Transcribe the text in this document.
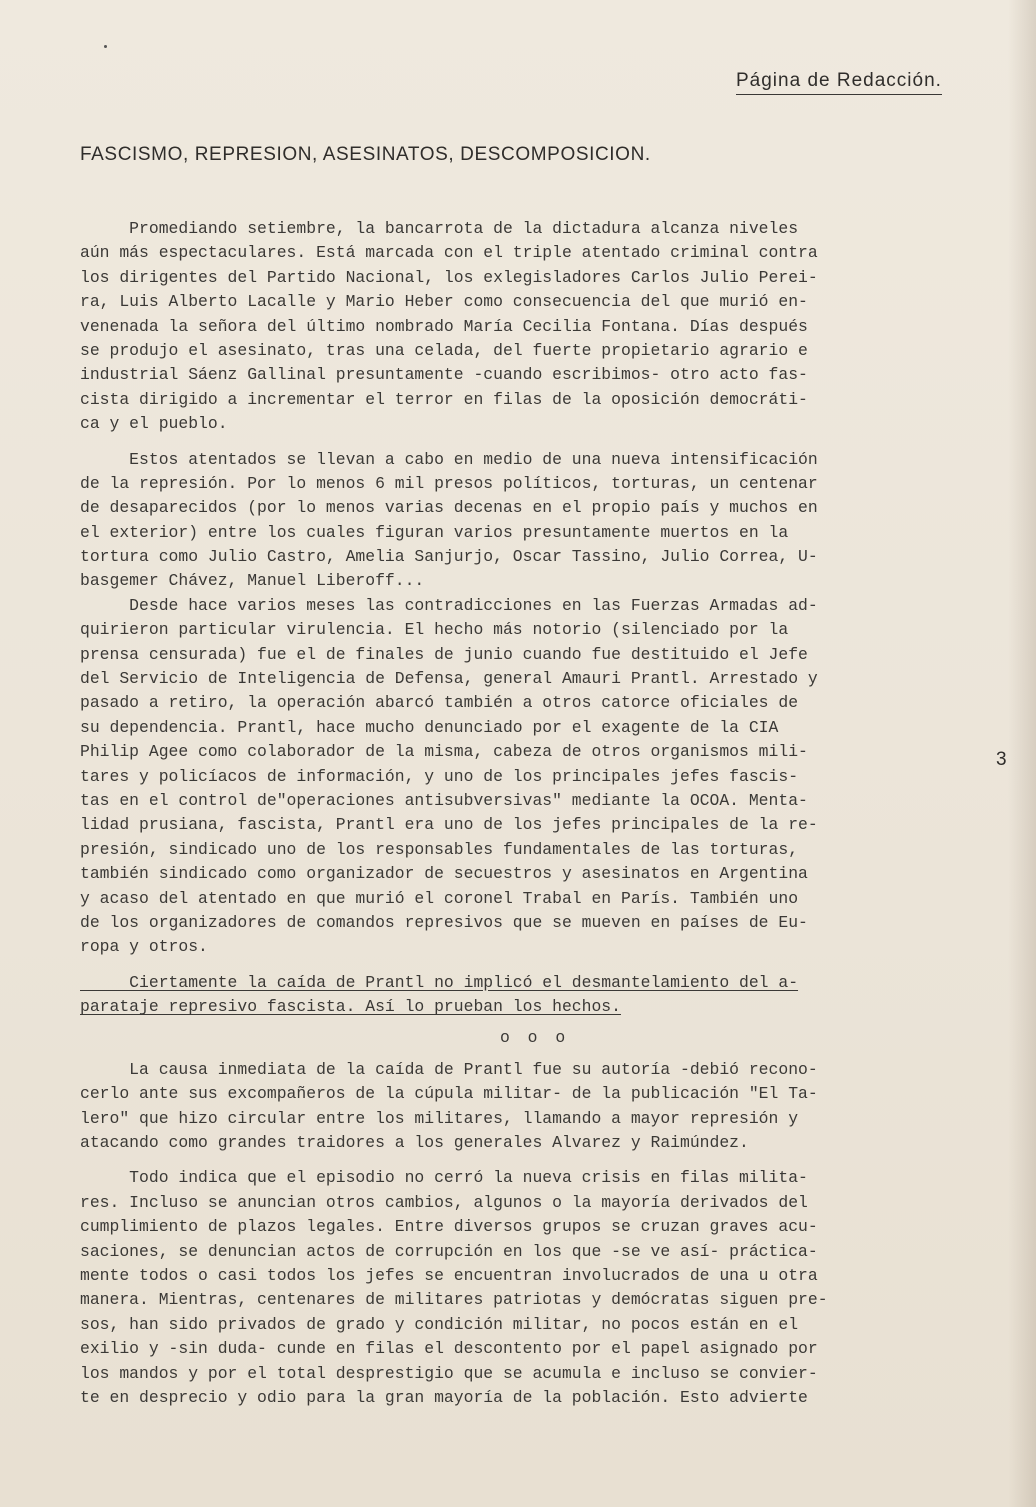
Página de Redacción.
FASCISMO, REPRESION, ASESINATOS, DESCOMPOSICION.
Promediando setiembre, la bancarrota de la dictadura alcanza niveles
aún más espectaculares. Está marcada con el triple atentado criminal contra
los dirigentes del Partido Nacional, los exlegisladores Carlos Julio Perei-
ra, Luis Alberto Lacalle y Mario Heber como consecuencia del que murió en-
venenada la señora del último nombrado María Cecilia Fontana. Días después
se produjo el asesinato, tras una celada, del fuerte propietario agrario e
industrial Sáenz Gallinal presuntamente -cuando escribimos- otro acto fas-
cista dirigido a incrementar el terror en filas de la oposición democráti-
ca y el pueblo.
Estos atentados se llevan a cabo en medio de una nueva intensificación
de la represión. Por lo menos 6 mil presos políticos, torturas, un centenar
de desaparecidos (por lo menos varias decenas en el propio país y muchos en
el exterior) entre los cuales figuran varios presuntamente muertos en la
tortura como Julio Castro, Amelia Sanjurjo, Oscar Tassino, Julio Correa, U-
basgemer Chávez, Manuel Liberoff...
Desde hace varios meses las contradicciones en las Fuerzas Armadas ad-
quirieron particular virulencia. El hecho más notorio (silenciado por la
prensa censurada) fue el de finales de junio cuando fue destituido el Jefe
del Servicio de Inteligencia de Defensa, general Amauri Prantl. Arrestado y
pasado a retiro, la operación abarcó también a otros catorce oficiales de
su dependencia. Prantl, hace mucho denunciado por el exagente de la CIA
Philip Agee como colaborador de la misma, cabeza de otros organismos mili-
tares y policíacos de información, y uno de los principales jefes fascis-
tas en el control de"operaciones antisubversivas" mediante la OCOA. Menta-
lidad prusiana, fascista, Prantl era uno de los jefes principales de la re-
presión, sindicado uno de los responsables fundamentales de las torturas,
también sindicado como organizador de secuestros y asesinatos en Argentina
y acaso del atentado en que murió el coronel Trabal en París. También uno
de los organizadores de comandos represivos que se mueven en países de Eu-
ropa y otros.
Ciertamente la caída de Prantl no implicó el desmantelamiento del a-
parataje represivo fascista. Así lo prueban los hechos.
o o o
La causa inmediata de la caída de Prantl fue su autoría -debió recono-
cerlo ante sus excompañeros de la cúpula militar- de la publicación "El Ta-
lero" que hizo circular entre los militares, llamando a mayor represión y
atacando como grandes traidores a los generales Alvarez y Raimúndez.
Todo indica que el episodio no cerró la nueva crisis en filas milita-
res. Incluso se anuncian otros cambios, algunos o la mayoría derivados del
cumplimiento de plazos legales. Entre diversos grupos se cruzan graves acu-
saciones, se denuncian actos de corrupción en los que -se ve así- prácticа-
mente todos o casi todos los jefes se encuentran involucrados de una u otra
manera. Mientras, centenares de militares patriotas y demócratas siguen pre-
sos, han sido privados de grado y condición militar, no pocos están en el
exilio y -sin duda- cunde en filas el descontento por el papel asignado por
los mandos y por el total desprestigio que se acumula e incluso se convier-
te en desprecio y odio para la gran mayoría de la población. Esto advierte
3
